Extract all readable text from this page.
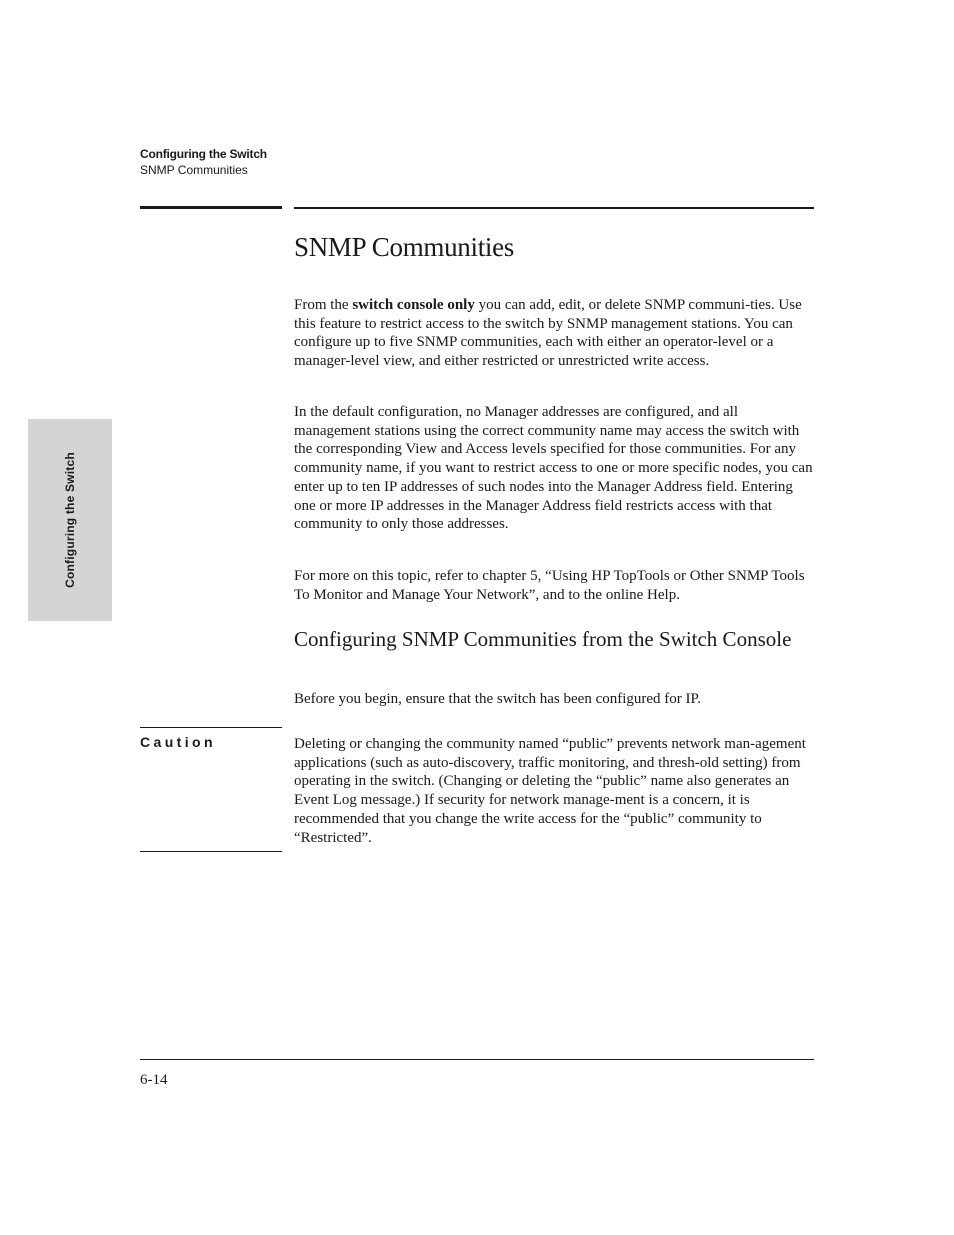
Configuring the Switch
SNMP Communities
Configuring the Switch
SNMP Communities

From the switch console only you can add, edit, or delete SNMP communi-ties. Use this feature to restrict access to the switch by SNMP management stations. You can configure up to five SNMP communities, each with either an operator-level or a manager-level view, and either restricted or unrestricted write access.

In the default configuration, no Manager addresses are configured, and all management stations using the correct community name may access the switch with the corresponding View and Access levels specified for those communities. For any community name, if you want to restrict access to one or more specific nodes, you can enter up to ten IP addresses of such nodes into the Manager Address field. Entering one or more IP addresses in the Manager Address field restricts access with that community to only those addresses.

For more on this topic, refer to chapter 5, “Using HP TopTools or Other SNMP Tools To Monitor and Manage Your Network”, and to the online Help.

Configuring SNMP Communities from the Switch Console

Before you begin, ensure that the switch has been configured for IP.

Caution	Deleting or changing the community named “public” prevents network man-agement applications (such as auto-discovery, traffic monitoring, and thresh-old setting) from operating in the switch. (Changing or deleting the “public” name also generates an Event Log message.) If security for network manage-ment is a concern, it is recommended that you change the write access for the “public” community to “Restricted”.

6-14
